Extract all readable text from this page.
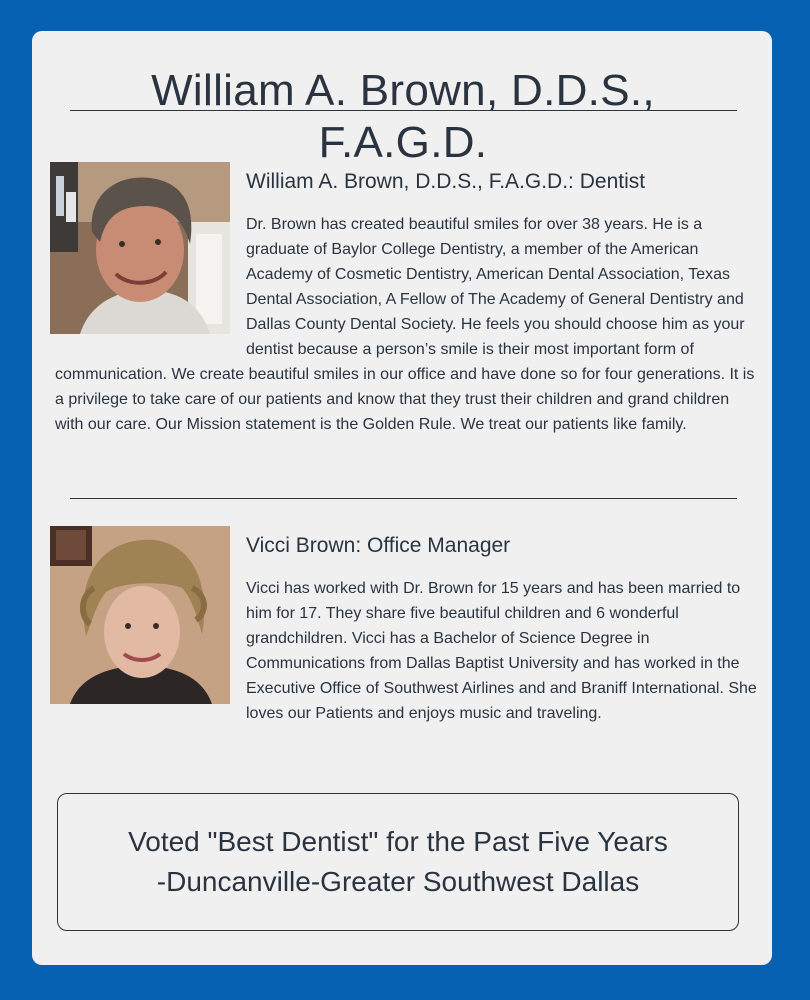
William A. Brown, D.D.S., F.A.G.D.
William A. Brown, D.D.S., F.A.G.D.: Dentist

Dr. Brown has created beautiful smiles for over 38 years. He is a graduate of Baylor College Dentistry, a member of the American Academy of Cosmetic Dentistry, American Dental Association, Texas Dental Association, A Fellow of The Academy of General Dentistry and Dallas County Dental Society. He feels you should choose him as your dentist because a person’s smile is their most important form of communication. We create beautiful smiles in our office and have done so for four generations. It is a privilege to take care of our patients and know that they trust their children and grand children with our care. Our Mission statement is the Golden Rule. We treat our patients like family.

Vicci Brown: Office Manager

Vicci has worked with Dr. Brown for 15 years and has been married to him for 17. They share five beautiful children and 6 wonderful grandchildren. Vicci has a Bachelor of Science Degree in Communications from Dallas Baptist University and has worked in the Executive Office of Southwest Airlines and and Braniff International. She loves our Patients and enjoys music and traveling.

Voted "Best Dentist" for the Past Five Years
-Duncanville-Greater Southwest Dallas
